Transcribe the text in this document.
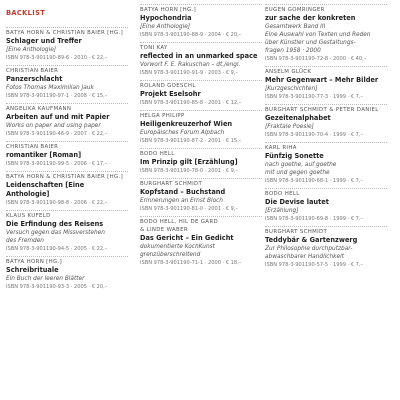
BACKLIST
BATYA HORN & CHRISTIAN BAIER [HG.]
Schlager und Treffer
[Eine Anthologie]
ISBN 978-3-901190-89-6 · 2010 · € 22,–
CHRISTIAN BAIER
Panzerschlacht
Fotos Thomas Maximilian Jauk
ISBN 978-3-901190-97-1 · 2008 · € 15,–
ANGELIKA KAUFMANN
Arbeiten auf und mit Papier
Works on paper and using paper
ISBN 978-3-901190-46-9 · 2007 · € 22,–
CHRISTIAN BAIER
romantiker [Roman]
ISBN 978-3-901190-99-5 · 2006 · € 17,–
BATYA HORN & CHRISTIAN BAIER [HG.]
Leidenschaften [Eine Anthologie]
ISBN 978-3-901190-98-8 · 2006 · € 22,–
KLAUS KUFELD
Die Erfindung des Reisens
Versuch gegen das Missverstehen
des Fremden
ISBN 978-3-901190-94-5 · 2005 · € 22,–
BATYA HORN [HG.]
Schreibrituale
Ein Buch der leeren Blätter
ISBN 978-3-901190-93-3 · 2005 · € 20,–
BATYA HORN [HG.]
Hypochondria
[Eine Anthologie]
ISBN 978-3-901190-88-9 · 2004 · € 20,–
TONI KAY
reflected in an unmarked space
Vorwort F. E. Rakuschan – dt./engl.
ISBN 978-3-901190-91-9 · 2003 · € 9,–
ROLAND GOESCHL
Projekt Eselsohr
ISBN 978-3-901190-85-8 · 2001 · € 12,–
HELGA PHILIPP
Heiligenkreuzerhof Wien
Europäisches Forum Alpbach
ISBN 978-3-901190-87-2 · 2001 · € 15,–
BODO HELL
Im Prinzip gilt [Erzählung]
ISBN 978-3-901190-78-0 · 2001 · € 9,–
BURGHART SCHMIDT
Kopfstand – Buchstand
Erinnerungen an Ernst Bloch
ISBN 978-3-901190-81-0 · 2001 · € 9,–
BODO HELL, HIL DE GARD
& LINDE WABER
Das Gericht – Ein Gedicht
dokumentierte KochKunst
grenzüberschreitend
ISBN 978-3-901190-71-1 · 2000 · € 18,–
EUGEN GOMRINGER
zur sache der konkreten
Gesamtwerk Band III
Eine Auswahl von Texten und Reden
über Künstler und Gestaltungs-
fragen 1958 · 2000
ISBN 978-3-901190-72-8 · 2000 · € 40,–
ANSELM GLÜCK
Mehr Gegenwart – Mehr Bilder
[Kurzgeschichten]
ISBN 978-3-901190-77-3 · 1999 · € 7,–
BURGHART SCHMIDT & PETER DANIEL
Gezeitenalphabet
[Fraktale Poesie]
ISBN 978-3-901190-70-4 · 1999 · € 7,–
KARL RIHA
Fünfzig Sonette
nach goethe, auf goethe
mit und gegen goethe
ISBN 978-3-901190-68-1 · 1999 · € 7,–
BODO HELL
Die Devise lautet
[Erzählung]
ISBN 978-3-901190-69-8 · 1999 · € 7,–
BURGHART SCHMIDT
Teddybär & Gartenzwerg
Zur Philosophie durchputzbar-
abwaschbarer Handlichkeit
ISBN 978-3-901190-57-5 · 1999 · € 7,–
